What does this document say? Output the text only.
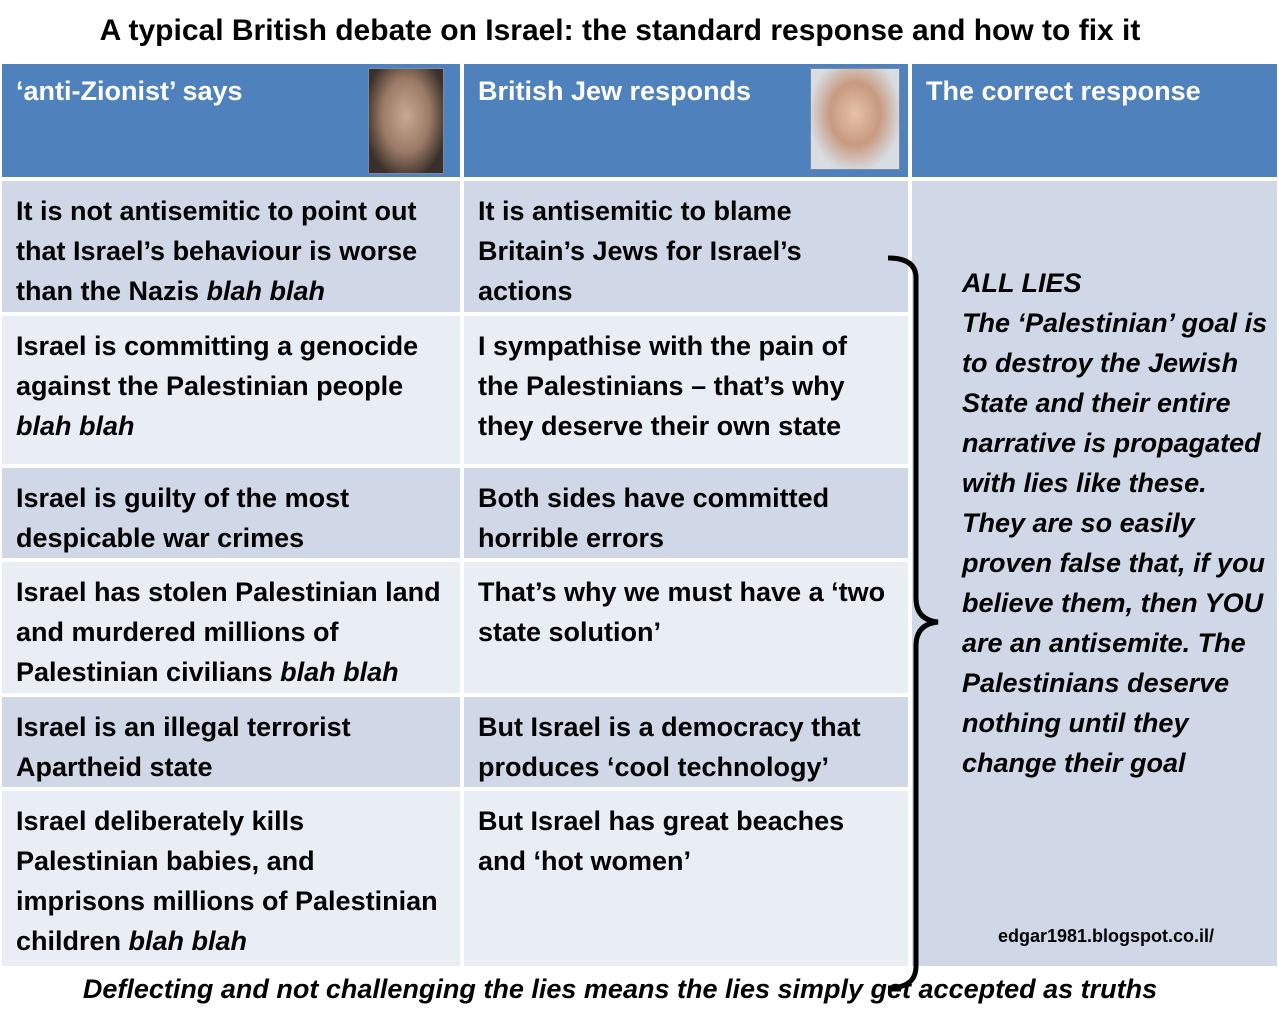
A typical British debate on Israel: the standard response and how to fix it
‘anti-Zionist’ says	British Jew responds	The correct response
It is not antisemitic to point out that Israel’s behaviour is worse than the Nazis blah blah
It is antisemitic to blame Britain’s Jews for Israel’s actions
Israel is committing a genocide against the Palestinian people blah blah
I sympathise with the pain of the Palestinians – that’s why they deserve their own state
Israel is guilty of the most despicable war crimes
Both sides have committed horrible errors
Israel has stolen Palestinian land and murdered millions of Palestinian civilians blah blah
That’s why we must have a ‘two state solution’
Israel is an illegal terrorist Apartheid state
But Israel is a democracy that produces ‘cool technology’
Israel deliberately kills Palestinian babies, and imprisons millions of Palestinian children blah blah
But Israel has great beaches and ‘hot women’
ALL LIES
The ‘Palestinian’ goal is to destroy the Jewish State and their entire narrative is propagated with lies like these. They are so easily proven false that, if you believe them, then YOU are an antisemite. The Palestinians deserve nothing until they change their goal
edgar1981.blogspot.co.il/
Deflecting and not challenging the lies means the lies simply get accepted as truths
